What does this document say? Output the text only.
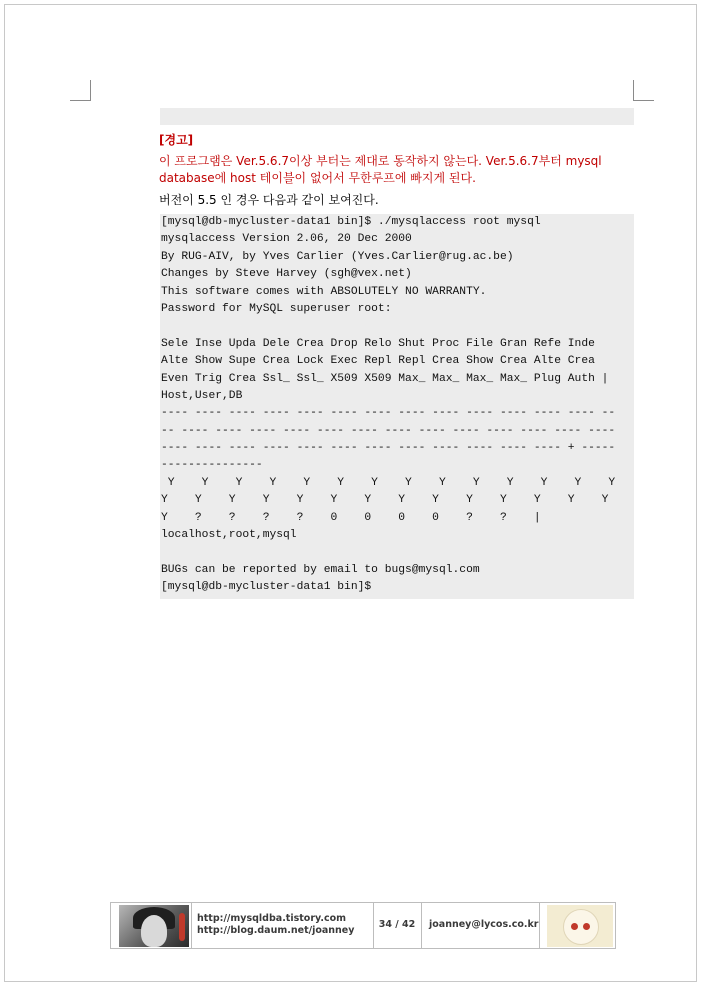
[경고]

이 프로그램은 Ver.5.6.7이상 부터는 제대로 동작하지 않는다. Ver.5.6.7부터 mysql database에 host 테이블이 없어서 무한루프에 빠지게 된다.

버전이 5.5 인 경우 다음과 같이 보여진다.

[mysql@db-mycluster-data1 bin]$ ./mysqlaccess root mysql
mysqlaccess Version 2.06, 20 Dec 2000
By RUG-AIV, by Yves Carlier (Yves.Carlier@rug.ac.be)
Changes by Steve Harvey (sgh@vex.net)
This software comes with ABSOLUTELY NO WARRANTY.
Password for MySQL superuser root:
Sele Inse Upda Dele Crea Drop Relo Shut Proc File Gran Refe Inde
Alte Show Supe Crea Lock Exec Repl Repl Crea Show Crea Alte Crea
Even Trig Crea Ssl_ Ssl_ X509 X509 Max_ Max_ Max_ Max_ Plug Auth |
Host,User,DB
---- ---- ---- ---- ---- ---- ---- ---- ---- ---- ---- ---- ---- --
-- ---- ---- ---- ---- ---- ---- ---- ---- ---- ---- ---- ---- ----
---- ---- ---- ---- ---- ---- ---- ---- ---- ---- ---- ---- + -----
---------------
Y    Y    Y    Y    Y    Y    Y    Y    Y    Y    Y    Y    Y    Y
Y    Y    Y    Y    Y    Y    Y    Y    Y    Y    Y    Y    Y    Y
Y    ?    ?    ?    ?    0    0    0    0    ?    ?    |
localhost,root,mysql
BUGs can be reported by email to bugs@mysql.com
[mysql@db-mycluster-data1 bin]$
http://mysqldba.tistory.com
http://blog.daum.net/joanney	34 / 42	joanney@lycos.co.kr
